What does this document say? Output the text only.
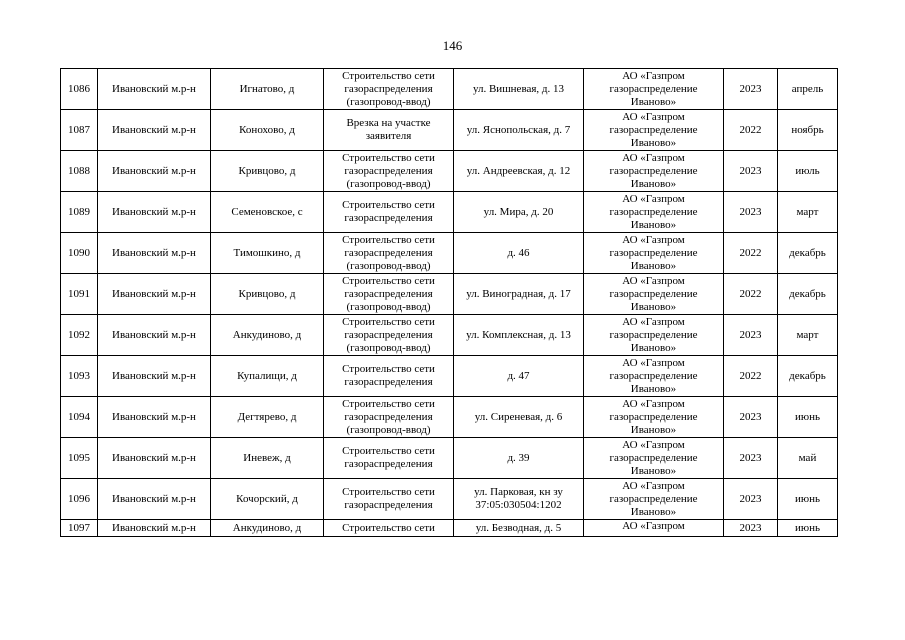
146
1086	Ивановский м.р-н	Игнатово, д	Строительство сети газораспределения (газопровод-ввод)	ул. Вишневая, д. 13	АО «Газпром газораспределение Иваново»	2023	апрель
1087	Ивановский м.р-н	Конохово, д	Врезка на участке заявителя	ул. Яснопольская, д. 7	АО «Газпром газораспределение Иваново»	2022	ноябрь
1088	Ивановский м.р-н	Кривцово, д	Строительство сети газораспределения (газопровод-ввод)	ул. Андреевская, д. 12	АО «Газпром газораспределение Иваново»	2023	июль
1089	Ивановский м.р-н	Семеновское, с	Строительство сети газораспределения	ул. Мира, д. 20	АО «Газпром газораспределение Иваново»	2023	март
1090	Ивановский м.р-н	Тимошкино, д	Строительство сети газораспределения (газопровод-ввод)	д. 46	АО «Газпром газораспределение Иваново»	2022	декабрь
1091	Ивановский м.р-н	Кривцово, д	Строительство сети газораспределения (газопровод-ввод)	ул. Виноградная, д. 17	АО «Газпром газораспределение Иваново»	2022	декабрь
1092	Ивановский м.р-н	Анкудиново, д	Строительство сети газораспределения (газопровод-ввод)	ул. Комплексная, д. 13	АО «Газпром газораспределение Иваново»	2023	март
1093	Ивановский м.р-н	Купалищи, д	Строительство сети газораспределения	д. 47	АО «Газпром газораспределение Иваново»	2022	декабрь
1094	Ивановский м.р-н	Дегтярево, д	Строительство сети газораспределения (газопровод-ввод)	ул. Сиреневая, д. 6	АО «Газпром газораспределение Иваново»	2023	июнь
1095	Ивановский м.р-н	Иневеж, д	Строительство сети газораспределения	д. 39	АО «Газпром газораспределение Иваново»	2023	май
1096	Ивановский м.р-н	Кочорский, д	Строительство сети газораспределения	ул. Парковая, кн зу 37:05:030504:1202	АО «Газпром газораспределение Иваново»	2023	июнь
1097	Ивановский м.р-н	Анкудиново, д	Строительство сети	ул. Безводная, д. 5	АО «Газпром	2023	июнь
